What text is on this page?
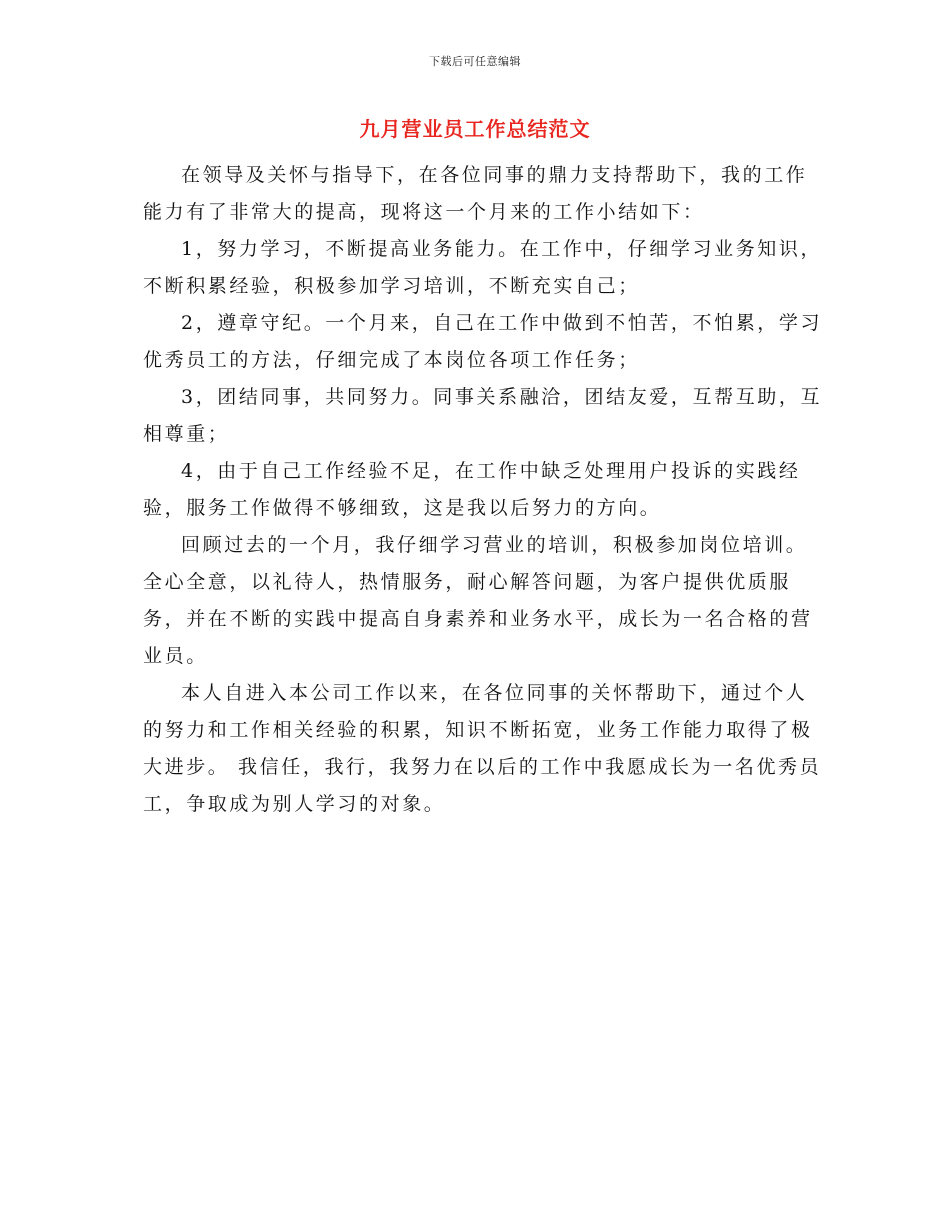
下载后可任意编辑
九月营业员工作总结范文

在领导及关怀与指导下，在各位同事的鼎力支持帮助下，我的工作能力有了非常大的提高，现将这一个月来的工作小结如下：

1，努力学习，不断提高业务能力。在工作中，仔细学习业务知识，不断积累经验，积极参加学习培训，不断充实自己；

2，遵章守纪。一个月来，自己在工作中做到不怕苦，不怕累，学习优秀员工的方法，仔细完成了本岗位各项工作任务；

3，团结同事，共同努力。同事关系融洽，团结友爱，互帮互助，互相尊重；

4，由于自己工作经验不足，在工作中缺乏处理用户投诉的实践经验，服务工作做得不够细致，这是我以后努力的方向。

回顾过去的一个月，我仔细学习营业的培训，积极参加岗位培训。全心全意，以礼待人，热情服务，耐心解答问题，为客户提供优质服务，并在不断的实践中提高自身素养和业务水平，成长为一名合格的营业员。

本人自进入本公司工作以来，在各位同事的关怀帮助下，通过个人的努力和工作相关经验的积累，知识不断拓宽，业务工作能力取得了极大进步。 我信任，我行，我努力在以后的工作中我愿成长为一名优秀员工，争取成为别人学习的对象。
